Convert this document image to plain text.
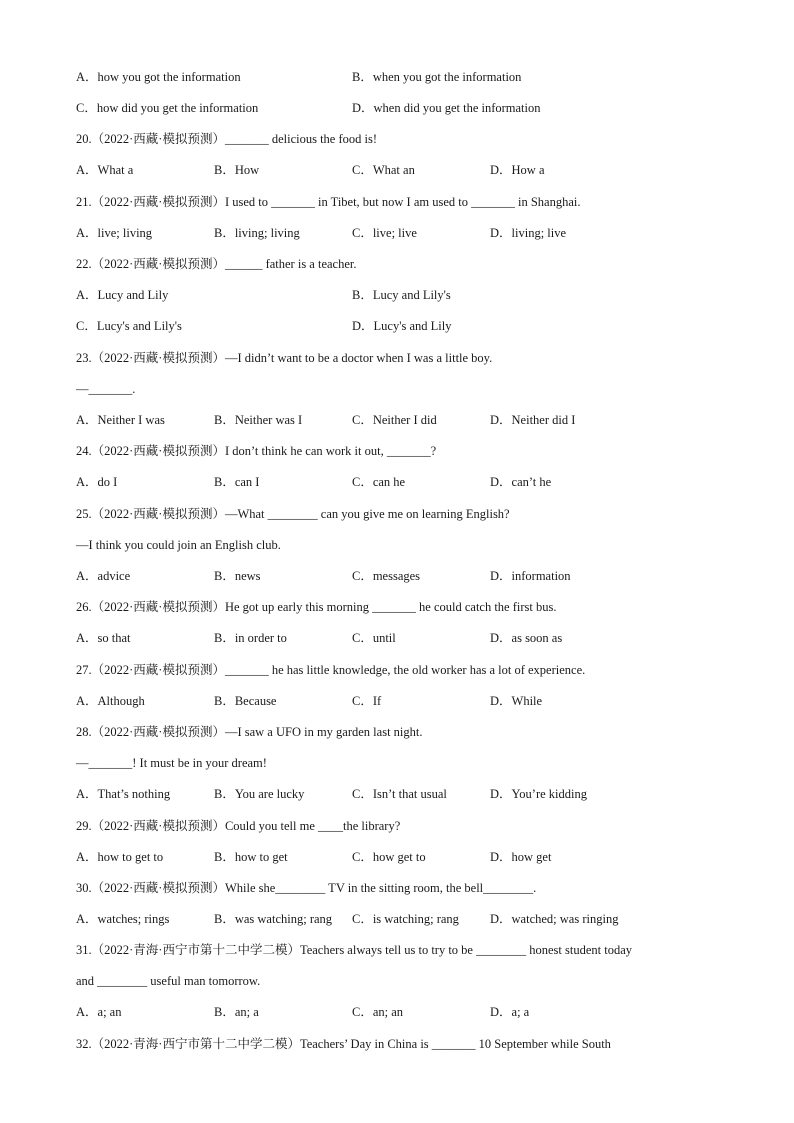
A．how you got the information	B．when you got the information
C．how did you get the information	D．when did you get the information
20.（2022·西藏·模拟预测）_______ delicious the food is!
A．What a	B．How	C．What an	D．How a
21.（2022·西藏·模拟预测）I used to _______ in Tibet, but now I am used to _______ in Shanghai.
A．live; living	B．living; living	C．live; live	D．living; live
22.（2022·西藏·模拟预测）______ father is a teacher.
A．Lucy and Lily	B．Lucy and Lily's
C．Lucy's and Lily's	D．Lucy's and Lily
23.（2022·西藏·模拟预测）—I didn’t want to be a doctor when I was a little boy.
—_______.
A．Neither I was	B．Neither was I	C．Neither I did	D．Neither did I
24.（2022·西藏·模拟预测）I don’t think he can work it out, _______?
A．do I	B．can I	C．can he	D．can’t he
25.（2022·西藏·模拟预测）—What ________ can you give me on learning English?
—I think you could join an English club.
A．advice	B．news	C．messages	D．information
26.（2022·西藏·模拟预测）He got up early this morning _______ he could catch the first bus.
A．so that	B．in order to	C．until	D．as soon as
27.（2022·西藏·模拟预测）_______ he has little knowledge, the old worker has a lot of experience.
A．Although	B．Because	C．If	D．While
28.（2022·西藏·模拟预测）—I saw a UFO in my garden last night.
—_______! It must be in your dream!
A．That’s nothing	B．You are lucky	C．Isn’t that usual	D．You’re kidding
29.（2022·西藏·模拟预测）Could you tell me ____the library?
A．how to get to	B．how to get	C．how get to	D．how get
30.（2022·西藏·模拟预测）While she________ TV in the sitting room, the bell________.
A．watches; rings	B．was watching; rang C．is watching; rang D．watched; was ringing
31.（2022·青海·西宁市第十二中学二模）Teachers always tell us to try to be ________ honest student today
and ________ useful man tomorrow.
A．a; an	B．an; a	C．an; an	D．a; a
32.（2022·青海·西宁市第十二中学二模）Teachers’ Day in China is _______ 10 September while South
